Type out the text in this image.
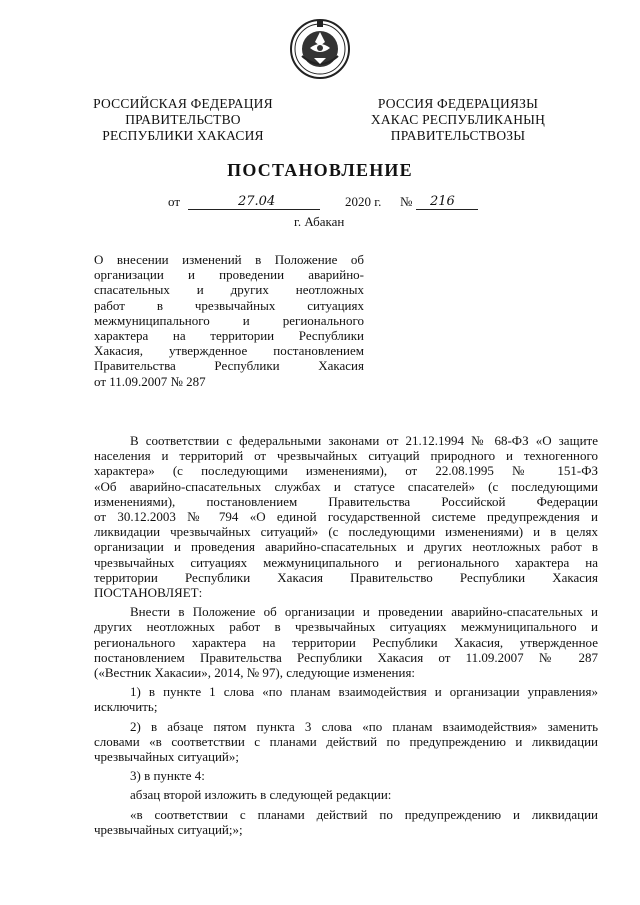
РОССИЙСКАЯ ФЕДЕРАЦИЯ
ПРАВИТЕЛЬСТВО
РЕСПУБЛИКИ ХАКАСИЯ
РОССИЯ ФЕДЕРАЦИЯЗЫ
ХАКАС РЕСПУБЛИКАНЫҢ
ПРАВИТЕЛЬСТВОЗЫ
ПОСТАНОВЛЕНИЕ
от	27.04	2020 г. № 216
г. Абакан
О внесении изменений в Положение об
организации и проведении аварийно-
спасательных и других неотложных
работ в чрезвычайных ситуациях
межмуниципального и регионального
характера на территории Республики
Хакасия, утвержденное постановлением
Правительства Республики Хакасия
от 11.09.2007 № 287
В соответствии с федеральными законами от 21.12.1994 № 68-ФЗ «О защите
населения и территорий от чрезвычайных ситуаций природного и техногенного
характера» (с последующими изменениями), от 22.08.1995 № 151-ФЗ
«Об аварийно-спасательных службах и статусе спасателей» (с последующими
изменениями), постановлением Правительства Российской Федерации
от 30.12.2003 № 794 «О единой государственной системе предупреждения и
ликвидации чрезвычайных ситуаций» (с последующими изменениями) и в целях
организации и проведения аварийно-спасательных и других неотложных работ в
чрезвычайных ситуациях межмуниципального и регионального характера на
территории Республики Хакасия Правительство Республики Хакасия
ПОСТАНОВЛЯЕТ:
Внести в Положение об организации и проведении аварийно-спасательных и
других неотложных работ в чрезвычайных ситуациях межмуниципального и
регионального характера на территории Республики Хакасия, утвержденное
постановлением Правительства Республики Хакасия от 11.09.2007 № 287
(«Вестник Хакасии», 2014, № 97), следующие изменения:
1) в пункте 1 слова «по планам взаимодействия и организации управления»
исключить;
2) в абзаце пятом пункта 3 слова «по планам взаимодействия» заменить
словами «в соответствии с планами действий по предупреждению и ликвидации
чрезвычайных ситуаций»;
3) в пункте 4:
абзац второй изложить в следующей редакции:
«в соответствии с планами действий по предупреждению и ликвидации
чрезвычайных ситуаций;»;
